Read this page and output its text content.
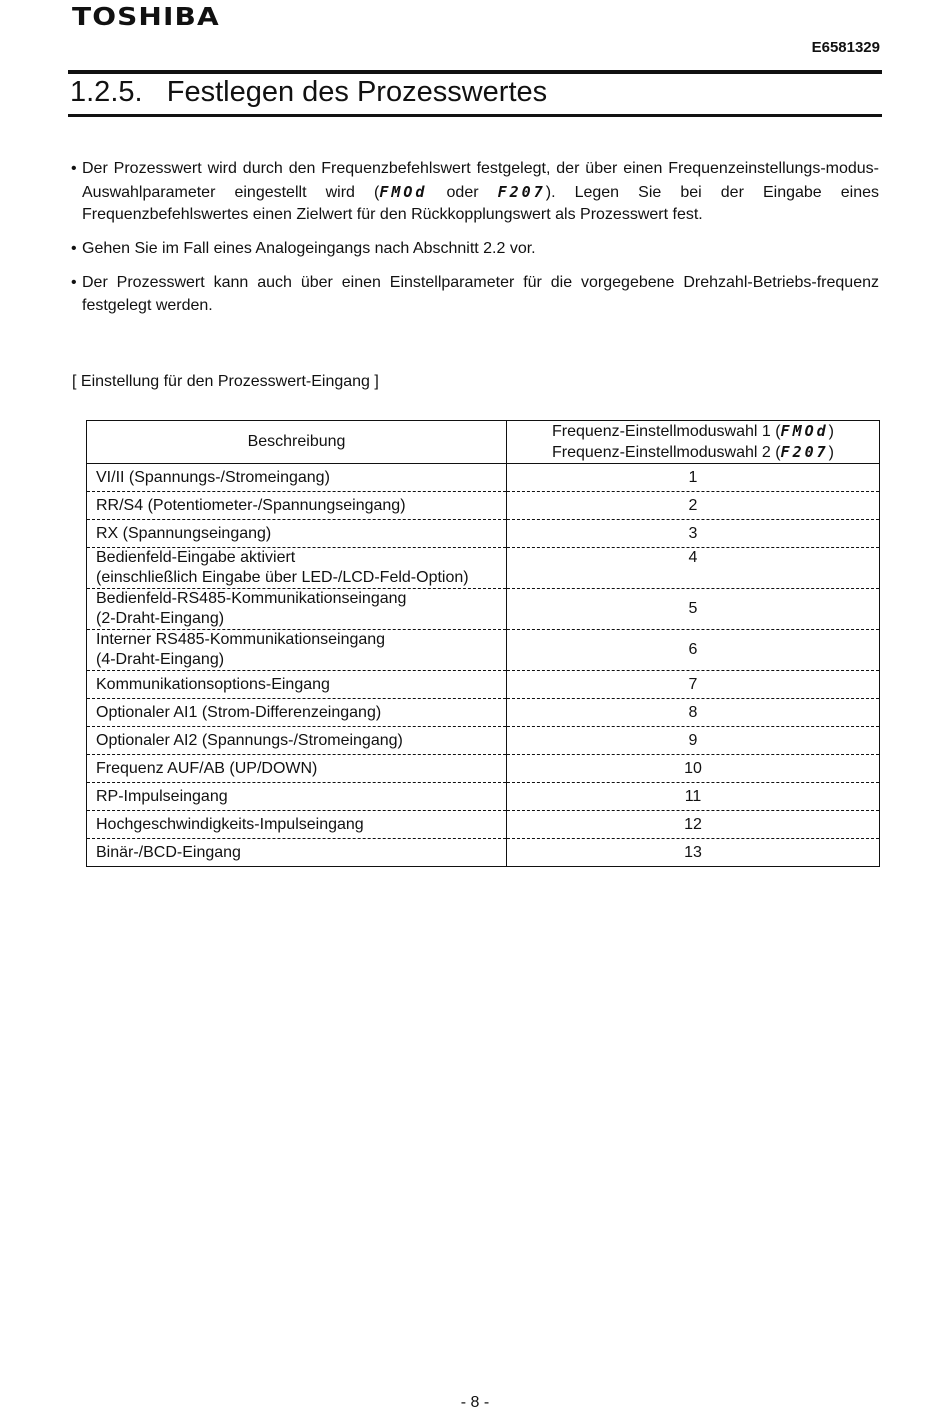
TOSHIBA
E6581329
1.2.5. Festlegen des Prozesswertes
• Der Prozesswert wird durch den Frequenzbefehlswert festgelegt, der über einen Frequenzeinstellungs-modus-Auswahlparameter eingestellt wird (FMOd oder F207). Legen Sie bei der Eingabe eines Frequenzbefehlswertes einen Zielwert für den Rückkopplungswert als Prozesswert fest.
• Gehen Sie im Fall eines Analogeingangs nach Abschnitt 2.2 vor.
• Der Prozesswert kann auch über einen Einstellparameter für die vorgegebene Drehzahl-Betriebs-frequenz festgelegt werden.
[ Einstellung für den Prozesswert-Eingang ]
Beschreibung	Frequenz-Einstellmoduswahl 1 (FMOd)
Frequenz-Einstellmoduswahl 2 (F207)

VI/II (Spannungs-/Stromeingang)	1
RR/S4 (Potentiometer-/Spannungseingang)	2
RX (Spannungseingang)	3

Bedienfeld-Eingabe aktiviert
(einschließlich Eingabe über LED-/LCD-Feld-Option)	4

Bedienfeld-RS485-Kommunikationseingang
(2-Draht-Eingang)	5

Interner RS485-Kommunikationseingang
(4-Draht-Eingang)	6
Kommunikationsoptions-Eingang	7
Optionaler AI1 (Strom-Differenzeingang)	8
Optionaler AI2 (Spannungs-/Stromeingang)	9
Frequenz AUF/AB (UP/DOWN)	10
RP-Impulseingang	11
Hochgeschwindigkeits-Impulseingang	12
Binär-/BCD-Eingang	13
- 8 -
